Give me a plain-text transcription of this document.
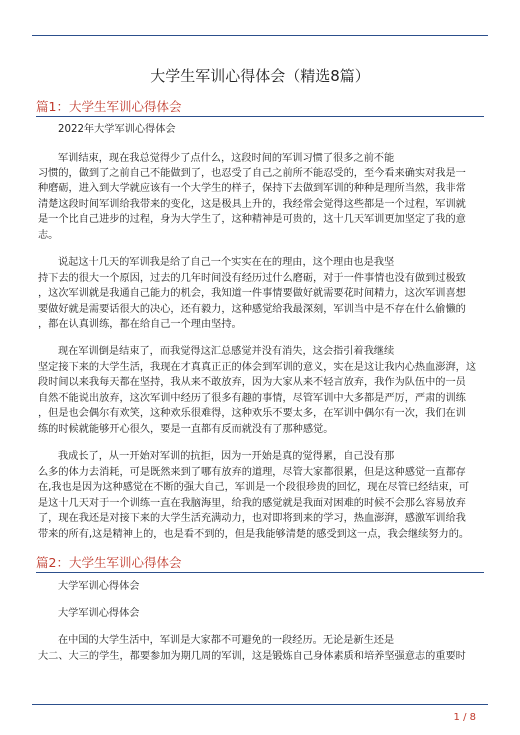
大学生军训心得体会（精选8篇）
篇1：大学生军训心得体会
2022年大学军训心得体会
军训结束，现在我总觉得少了点什么，这段时间的军训习惯了很多之前不能
习惯的，做到了之前自己不能做到了，也忍受了自己之前所不能忍受的，至今看来确实对我是一
种磨砺，进入到大学就应该有一个大学生的样子，保持下去做到军训的种种是理所当然，我非常
清楚这段时间军训给我带来的变化，这是极具上升的，我经常会觉得这些都是一个过程，军训就
是一个比自己进步的过程，身为大学生了，这种精神是可贵的，这十几天军训更加坚定了我的意
志。
说起这十几天的军训我是给了自己一个实实在在的理由，这个理由也是我坚
持下去的很大一个原因，过去的几年时间没有经历过什么磨砺，对于一件事情也没有做到过极致
，这次军训就是我通自己能力的机会，我知道一件事情要做好就需要花时间精力，这次军训喜想
要做好就是需要话很大的决心，还有毅力，这种感觉给我最深刻，军训当中是不存在什么偷懒的
，都在认真训练，都在给自己一个理由坚持。
现在军训倒是结束了，而我觉得这汇总感觉并没有消失，这会指引着我继续
坚定接下来的大学生活，我现在才真真正正的体会到军训的意义，实在是这让我内心热血澎湃，这
段时间以来我每天都在坚持，我从来不敢放弃，因为大家从来不轻言放弃，我作为队伍中的一员
自然不能说出放弃，这次军训中经历了很多有趣的事情，尽管军训中大多都是严厉，严肃的训练
，但是也会偶尔有欢笑，这种欢乐很难得，这种欢乐不要太多，在军训中偶尔有一次，我们在训
练的时候就能够开心很久，要是一直都有反而就没有了那种感觉。
我成长了，从一开始对军训的抗拒，因为一开始是真的觉得累，自己没有那
么多的体力去消耗，可是既然来到了哪有放弃的道理，尽管大家都很累，但是这种感觉一直都存
在,我也是因为这种感觉在不断的强大自己，军训是一个段很珍贵的回忆，现在尽管已经结束，可
是这十几天对于一个训练一直在我脑海里，给我的感觉就是我面对困难的时候不会那么容易放弃
了，现在我还是对接下来的大学生活充满动力，也对即将到来的学习，热血澎湃，感激军训给我
带来的所有,这是精神上的，也是看不到的，但是我能够清楚的感受到这一点，我会继续努力的。
篇2：大学生军训心得体会
大学军训心得体会
大学军训心得体会
在中国的大学生活中，军训是大家都不可避免的一段经历。无论是新生还是
大二、大三的学生，都要参加为期几周的军训，这是锻炼自己身体素质和培养坚强意志的重要时
1 / 8
